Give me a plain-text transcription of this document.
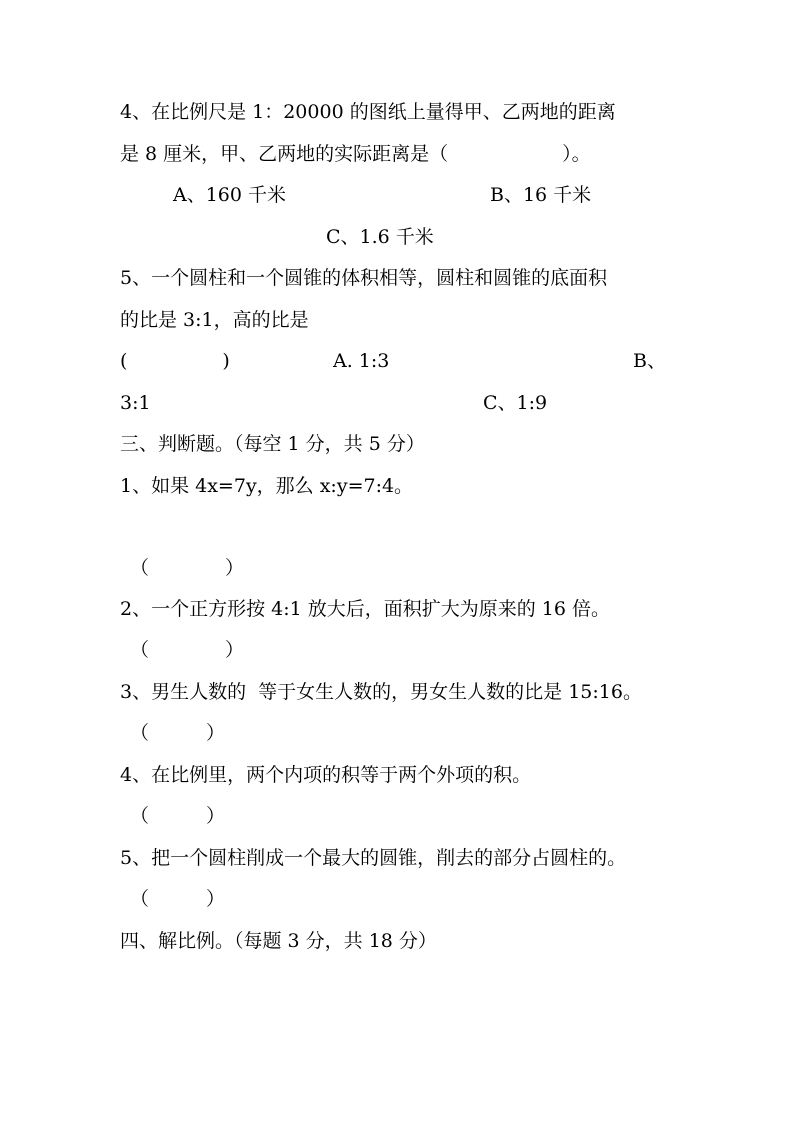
4、在比例尺是 1：20000 的图纸上量得甲、乙两地的距离
是 8 厘米，甲、乙两地的实际距离是（　　　　　　）。
A、160 千米	B、16 千米
C、1.6 千米
5、一个圆柱和一个圆锥的体积相等，圆柱和圆锥的底面积
的比是 3:1，高的比是
(　　　　　)	A. 1:3	B、
3:1	C、1:9
三、判断题。（每空 1 分，共 5 分）
1、如果 4x=7y，那么 x:y=7:4。
（　　　　）
2、一个正方形按 4:1 放大后，面积扩大为原来的 16 倍。
（　　　　）
3、男生人数的  等于女生人数的，男女生人数的比是 15:16。
（　　　）
4、在比例里，两个内项的积等于两个外项的积。
（　　　）
5、把一个圆柱削成一个最大的圆锥，削去的部分占圆柱的。
（　　　）
四、解比例。（每题 3 分，共 18 分）
